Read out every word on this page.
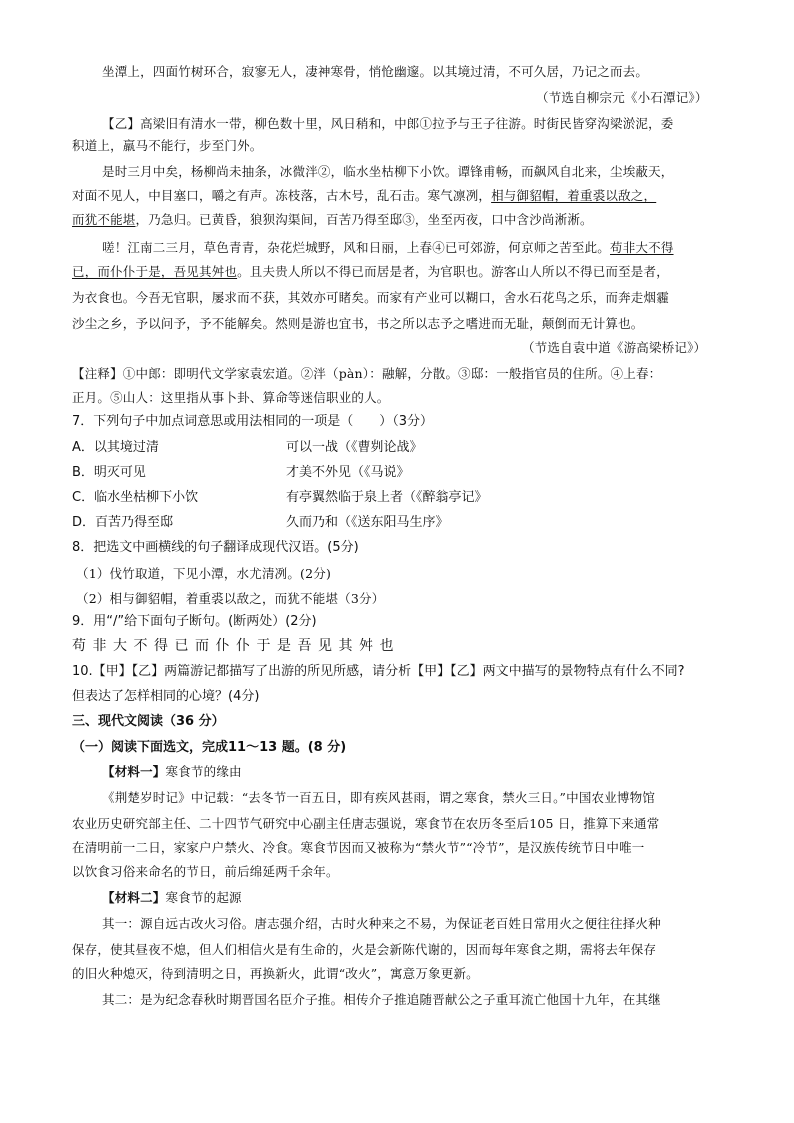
坐潭上，四面竹树环合，寂寥无人，凄神寒骨，悄怆幽邃。以其境过清，不可久居，乃记之而去。
（节选自柳宗元《小石潭记》）
【乙】高梁旧有清水一带，柳色数十里，风日稍和，中郎①拉予与王子往游。时街民皆穿沟梁淤泥，委
积道上，羸马不能行，步至门外。
是时三月中矣，杨柳尚未抽条，冰微泮②，临水坐枯柳下小饮。谭锋甫畅，而飙风自北来，尘埃蔽天，
对面不见人，中目塞口，嚼之有声。冻枝落，古木号，乱石击。寒气凛冽，相与御貂帽，着重裘以敌之，
而犹不能堪，乃急归。已黄昏，狼狈沟渠间，百苦乃得至邸③，坐至丙夜，口中含沙尚淅淅。
嗟！江南二三月，草色青青，杂花烂城野，风和日丽，上春④已可郊游，何京师之苦至此。苟非大不得
已，而仆仆于是，吾见其舛也。且夫贵人所以不得已而居是者，为官职也。游客山人所以不得已而至是者，
为衣食也。今吾无官职，屡求而不获，其效亦可睹矣。而家有产业可以糊口，舍水石花鸟之乐，而奔走烟霾
沙尘之乡，予以问予，予不能解矣。然则是游也宜书，书之所以志予之嗜进而无耻，颠倒而无计算也。
（节选自袁中道《游高梁桥记》）
【注释】①中郎：即明代文学家袁宏道。②泮（pàn）：融解，分散。③邸：一般指官员的住所。④上春：
正月。⑤山人：这里指从事卜卦、算命等迷信职业的人。
7．下列句子中加点词意思或用法相同的一项是（　　）（3分）
A．以其境过清	可以一战（《曹刿论战》
B．明灭可见	才美不外见（《马说》
C．临水坐枯柳下小饮	有亭翼然临于泉上者（《醉翁亭记》
D．百苦乃得至邸	久而乃和（《送东阳马生序》
8．把选文中画横线的句子翻译成现代汉语。(5分)
（1）伐竹取道，下见小潭，水尤清冽。(2分)
（2）相与御貂帽，着重裘以敌之，而犹不能堪（3分）
9．用“/”给下面句子断句。(断两处）(2分)
苟非大不得已而仆仆于是吾见其舛也
10.【甲】【乙】两篇游记都描写了出游的所见所感，请分析【甲】【乙】两文中描写的景物特点有什么不同?
但表达了怎样相同的心境？(4分)
三、现代文阅读（36 分）
（一）阅读下面选文，完成11～13 题。(8 分)
【材料一】寒食节的缘由
《荆楚岁时记》中记载：“去冬节一百五日，即有疾风甚雨，谓之寒食，禁火三日。”中国农业博物馆
农业历史研究部主任、二十四节气研究中心副主任唐志强说，寒食节在农历冬至后105 日，推算下来通常
在清明前一二日，家家户户禁火、冷食。寒食节因而又被称为“禁火节”“冷节”，是汉族传统节日中唯一
以饮食习俗来命名的节日，前后绵延两千余年。
【材料二】寒食节的起源
其一：源自远古改火习俗。唐志强介绍，古时火种来之不易，为保证老百姓日常用火之便往往择火种
保存，使其昼夜不熄，但人们相信火是有生命的，火是会新陈代谢的，因而每年寒食之期，需将去年保存
的旧火种熄灭，待到清明之日，再换新火，此谓“改火”，寓意万象更新。
其二：是为纪念春秋时期晋国名臣介子推。相传介子推追随晋献公之子重耳流亡他国十九年，在其继
